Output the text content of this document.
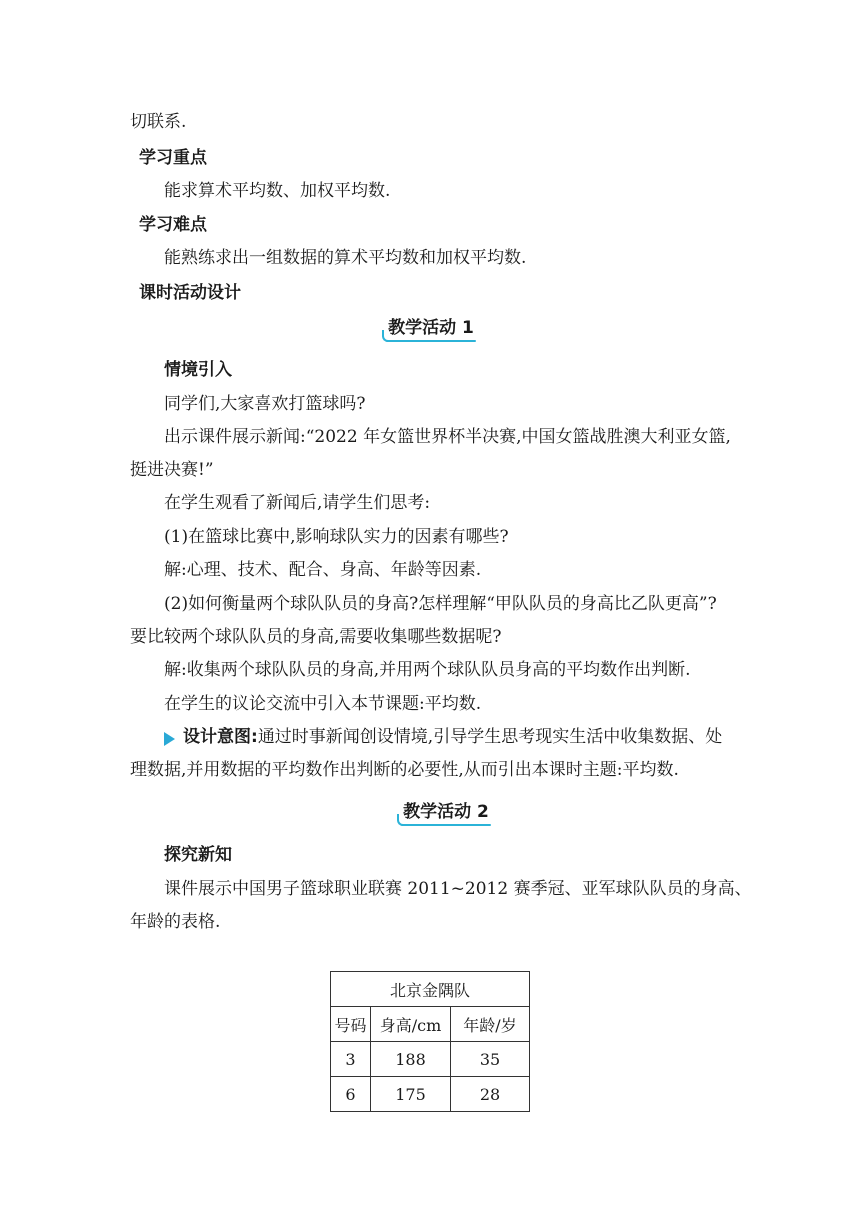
切联系.
学习重点
能求算术平均数、加权平均数.
学习难点
能熟练求出一组数据的算术平均数和加权平均数.
课时活动设计
教学活动 1
情境引入
同学们,大家喜欢打篮球吗?
出示课件展示新闻:“2022 年女篮世界杯半决赛,中国女篮战胜澳大利亚女篮,
挺进决赛!”
在学生观看了新闻后,请学生们思考:
(1)在篮球比赛中,影响球队实力的因素有哪些?
解:心理、技术、配合、身高、年龄等因素.
(2)如何衡量两个球队队员的身高?怎样理解“甲队队员的身高比乙队更高”?
要比较两个球队队员的身高,需要收集哪些数据呢?
解:收集两个球队队员的身高,并用两个球队队员身高的平均数作出判断.
在学生的议论交流中引入本节课题:平均数.
设计意图:通过时事新闻创设情境,引导学生思考现实生活中收集数据、处
理数据,并用数据的平均数作出判断的必要性,从而引出本课时主题:平均数.
教学活动 2
探究新知
课件展示中国男子篮球职业联赛 2011~2012 赛季冠、亚军球队队员的身高、
年龄的表格.
北京金隅队		
号码	身高/cm	年龄/岁
3	188	35
6	175	28
